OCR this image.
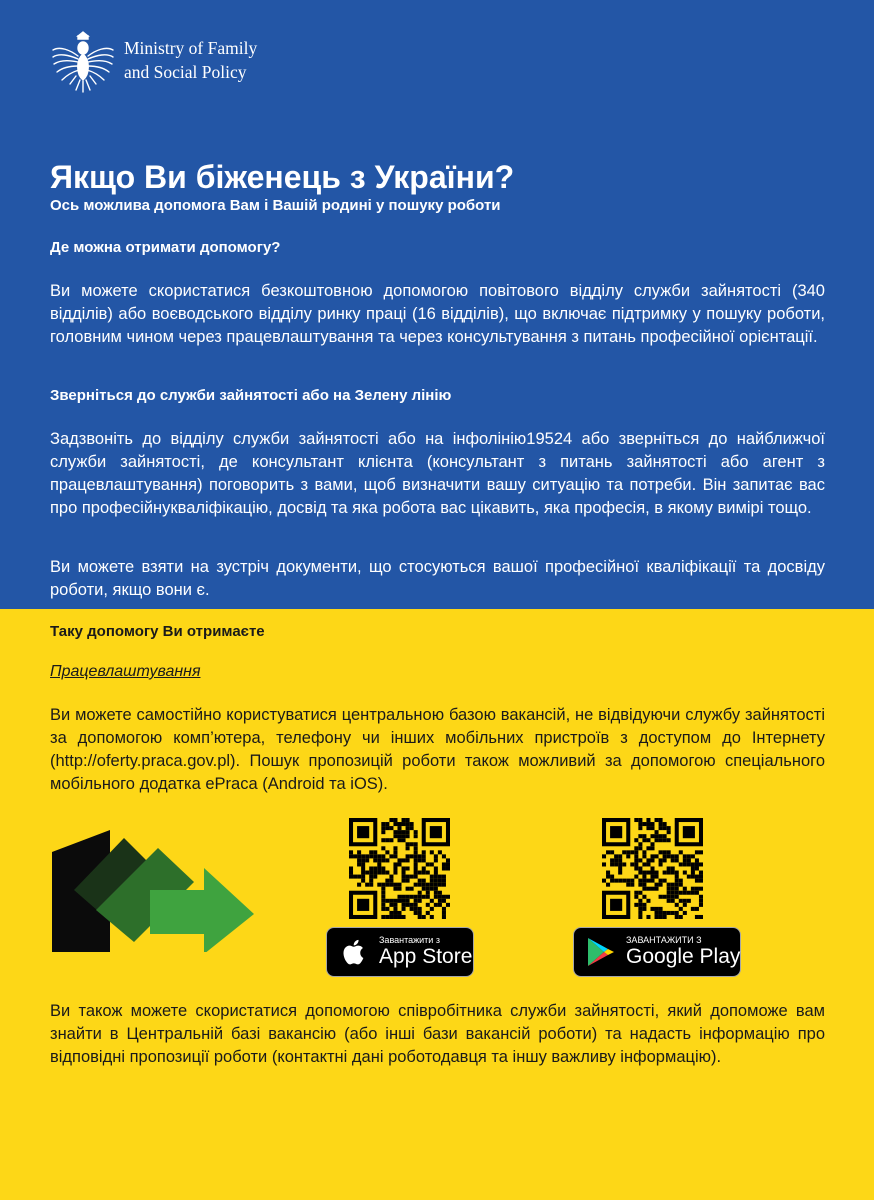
Ministry of Family
and Social Policy
Якщо Ви біженець з України?
Ось можлива допомога Вам і Вашій родині у пошуку роботи
Де можна отримати допомогу?
Ви можете скористатися безкоштовною допомогою повітового відділу служби зайнятості (340 відділів) або воєводського відділу ринку праці (16 відділів), що включає підтримку у пошуку роботи, головним чином через працевлаштування та через консультування з питань професійної орієнтації.
Зверніться до служби зайнятості або на Зелену лінію
Задзвоніть до відділу служби зайнятості або на інфолінію19524 або зверніться до найближчої служби зайнятості, де консультант клієнта (консультант з питань зайнятості або агент з працевлаштування) поговорить з вами, щоб визначити вашу ситуацію та потреби. Він запитає вас про професійнукваліфікацію, досвід та яка робота вас цікавить, яка професія, в якому вимірі тощо.
Ви можете взяти на зустріч документи, що стосуються вашої професійної кваліфікації та досвіду роботи, якщо вони є.
Таку допомогу Ви отримаєте
Працевлаштування
Ви можете самостійно користуватися центральною базою вакансій, не відвідуючи службу зайнятості за допомогою комп’ютера, телефону чи інших мобільних пристроїв з доступом до Інтернету (http://oferty.praca.gov.pl). Пошук пропозицій роботи також можливий за допомогою спеціального мобільного додатка ePraca (Android та iOS).
Завантажити з
App Store
ЗАВАНТАЖИТИ З
Google Play
Ви також можете скористатися допомогою співробітника служби зайнятості, який допоможе вам знайти в Центральній базі вакансію (або інші бази вакансій роботи) та надасть інформацію про відповідні пропозиції роботи (контактні дані роботодавця та іншу важливу інформацію).
